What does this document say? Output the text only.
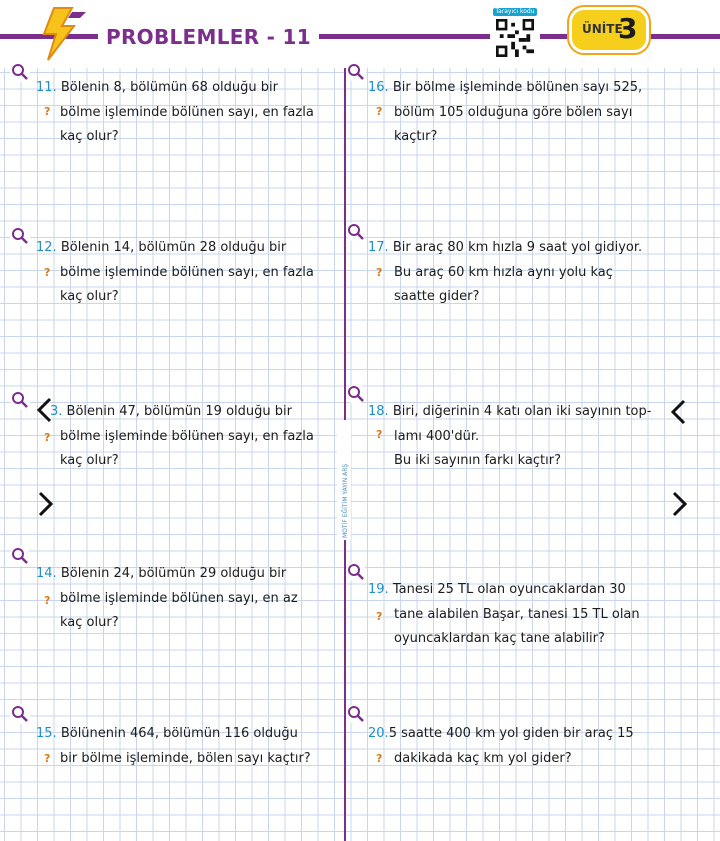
PROBLEMLER - 11
Tarayıcı kodu
ÜNİTE
3
MOTİF EĞİTİM YAYIN ARŞ
?
11. Bölenin 8, bölümün 68 olduğu bir
bölme işleminde bölünen sayı, en fazla
kaç olur?
?
12. Bölenin 14, bölümün 28 olduğu bir
bölme işleminde bölünen sayı, en fazla
kaç olur?
?
3. Bölenin 47, bölümün 19 olduğu bir
bölme işleminde bölünen sayı, en fazla
kaç olur?
?
14. Bölenin 24, bölümün 29 olduğu bir
bölme işleminde bölünen sayı, en az
kaç olur?
?
15. Bölünenin 464, bölümün 116 olduğu
bir bölme işleminde, bölen sayı kaçtır?
?
16. Bir bölme işleminde bölünen sayı 525,
bölüm 105 olduğuna göre bölen sayı
kaçtır?
?
17. Bir araç 80 km hızla 9 saat yol gidiyor.
Bu araç 60 km hızla aynı yolu kaç
saatte gider?
?
18. Biri, diğerinin 4 katı olan iki sayının top-
lamı 400'dür.
Bu iki sayının farkı kaçtır?
?
19. Tanesi 25 TL olan oyuncaklardan 30
tane alabilen Başar, tanesi 15 TL olan
oyuncaklardan kaç tane alabilir?
?
20.5 saatte 400 km yol giden bir araç 15
dakikada kaç km yol gider?
